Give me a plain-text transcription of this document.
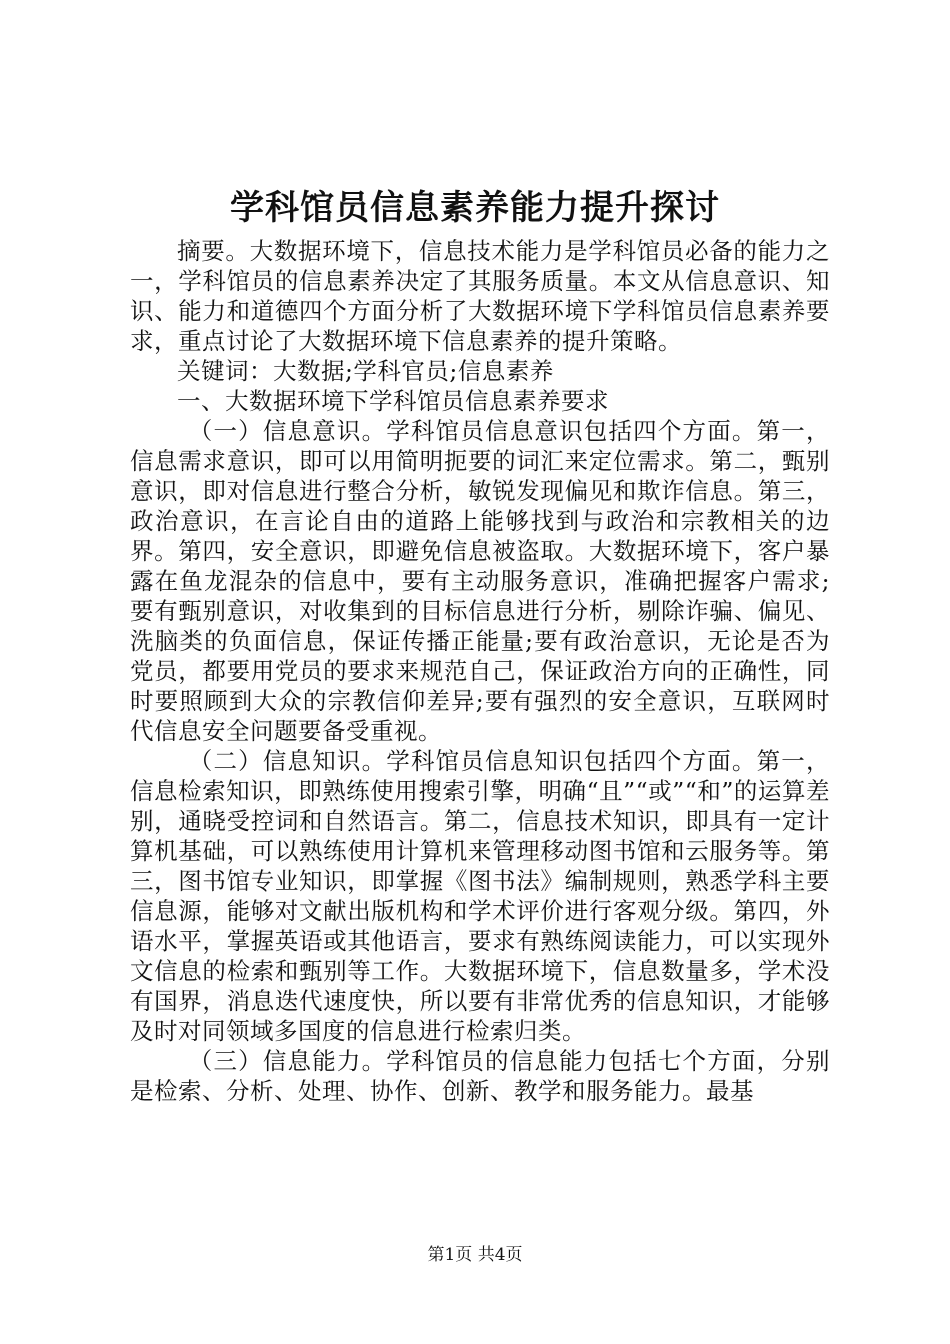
学科馆员信息素养能力提升探讨

摘要。大数据环境下，信息技术能力是学科馆员必备的能力之一，学科馆员的信息素养决定了其服务质量。本文从信息意识、知识、能力和道德四个方面分析了大数据环境下学科馆员信息素养要求，重点讨论了大数据环境下信息素养的提升策略。

关键词：大数据;学科官员;信息素养

一、大数据环境下学科馆员信息素养要求

（一）信息意识。学科馆员信息意识包括四个方面。第一，信息需求意识，即可以用简明扼要的词汇来定位需求。第二，甄别意识，即对信息进行整合分析，敏锐发现偏见和欺诈信息。第三，政治意识，在言论自由的道路上能够找到与政治和宗教相关的边界。第四，安全意识，即避免信息被盗取。大数据环境下，客户暴露在鱼龙混杂的信息中，要有主动服务意识，准确把握客户需求;要有甄别意识，对收集到的目标信息进行分析，剔除诈骗、偏见、洗脑类的负面信息，保证传播正能量;要有政治意识，无论是否为党员，都要用党员的要求来规范自己，保证政治方向的正确性，同时要照顾到大众的宗教信仰差异;要有强烈的安全意识，互联网时代信息安全问题要备受重视。

（二）信息知识。学科馆员信息知识包括四个方面。第一，信息检索知识，即熟练使用搜索引擎，明确“且”“或”“和”的运算差别，通晓受控词和自然语言。第二，信息技术知识，即具有一定计算机基础，可以熟练使用计算机来管理移动图书馆和云服务等。第三，图书馆专业知识，即掌握《图书法》编制规则，熟悉学科主要信息源，能够对文献出版机构和学术评价进行客观分级。第四，外语水平，掌握英语或其他语言，要求有熟练阅读能力，可以实现外文信息的检索和甄别等工作。大数据环境下，信息数量多，学术没有国界，消息迭代速度快，所以要有非常优秀的信息知识，才能够及时对同领域多国度的信息进行检索归类。

（三）信息能力。学科馆员的信息能力包括七个方面，分别是检索、分析、处理、协作、创新、教学和服务能力。最基

第1页 共4页
